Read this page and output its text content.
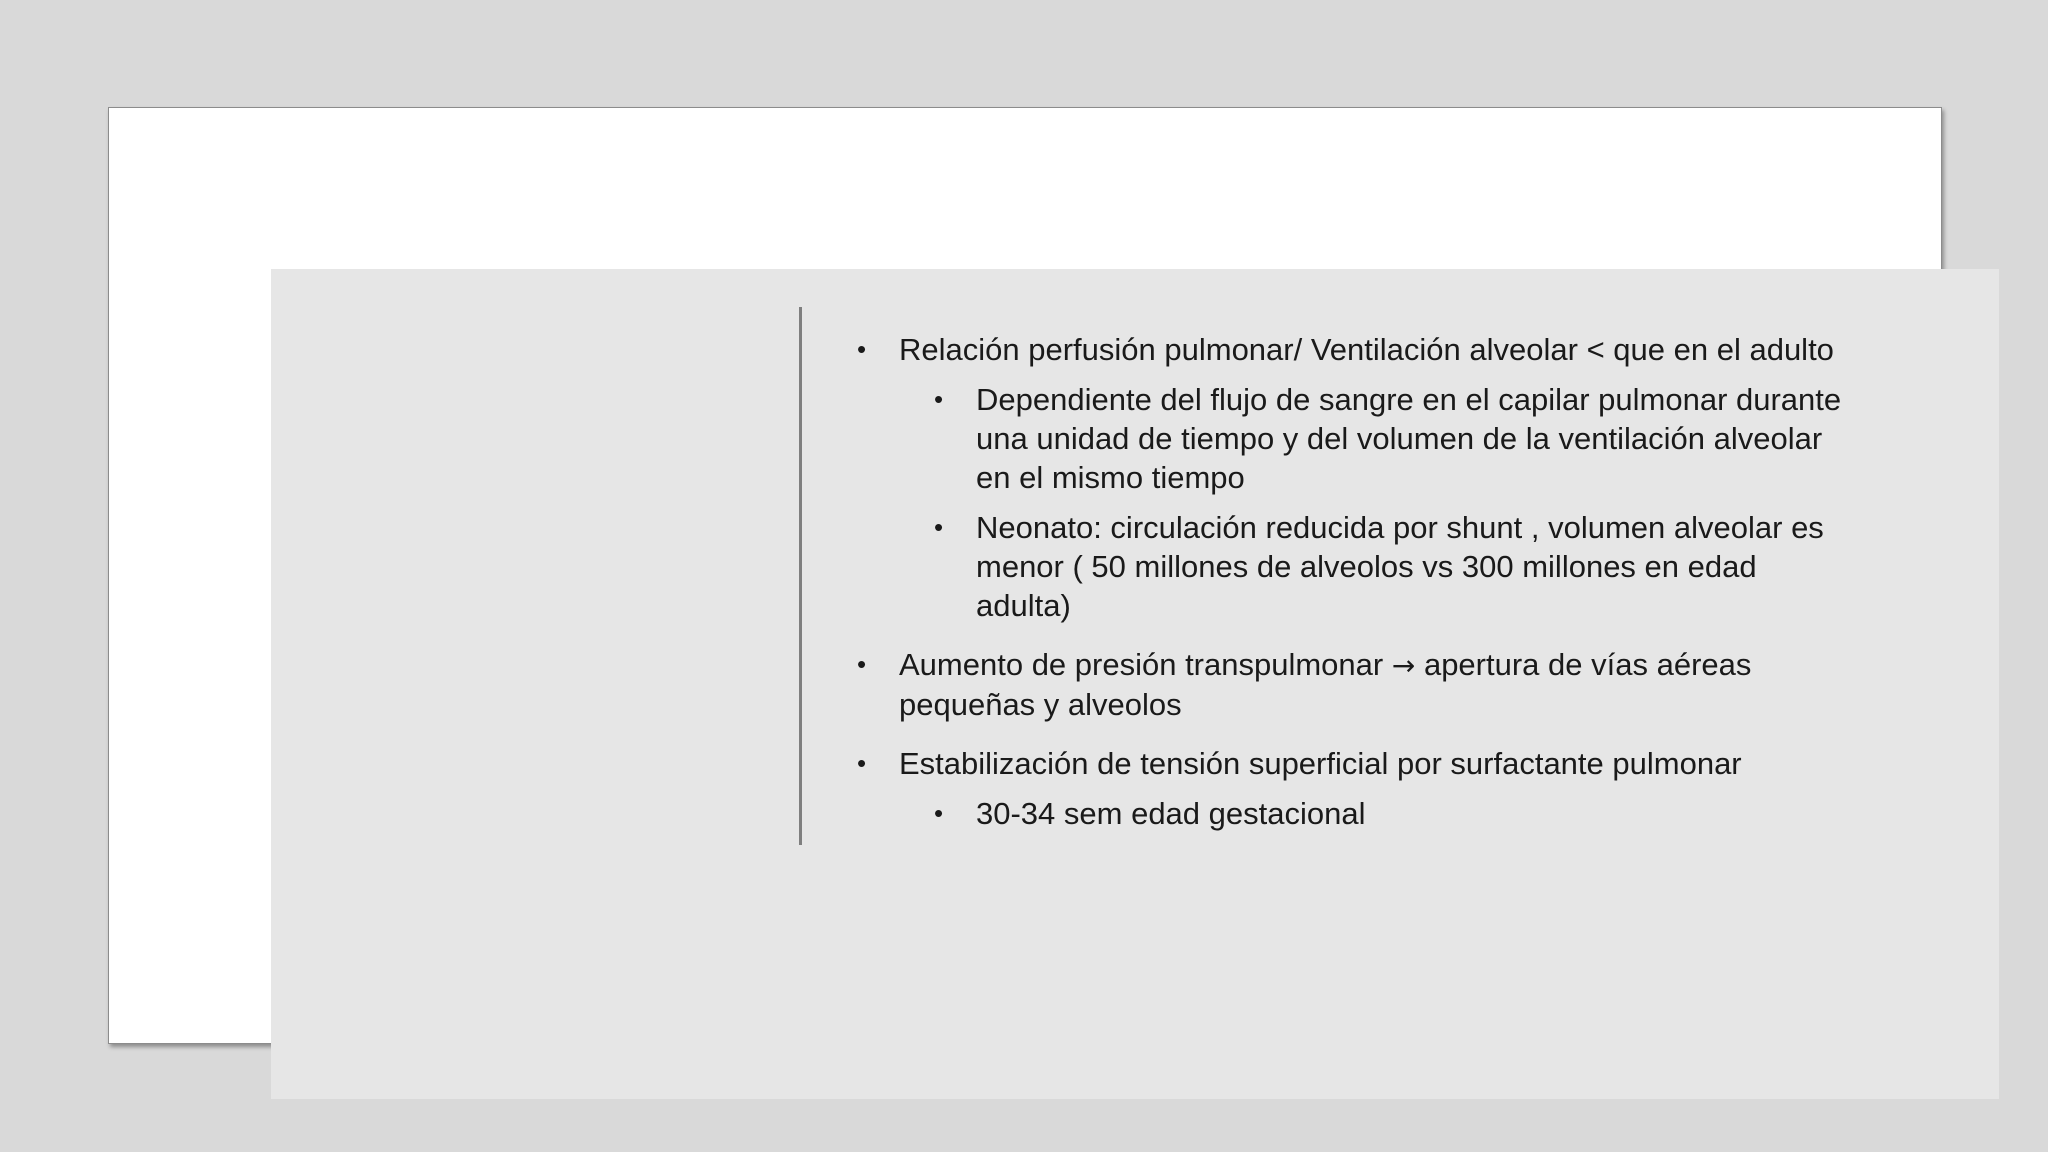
• Relación perfusión pulmonar/ Ventilación alveolar < que en el adulto

• Dependiente del flujo de sangre en el capilar pulmonar durante una unidad de tiempo y del volumen de la ventilación alveolar en el mismo tiempo

• Neonato: circulación reducida por shunt , volumen alveolar es menor ( 50 millones de alveolos vs 300 millones en edad adulta)

• Aumento de presión transpulmonar → apertura de vías aéreas pequeñas y alveolos

• Estabilización de tensión superficial por surfactante pulmonar

• 30-34 sem edad gestacional
